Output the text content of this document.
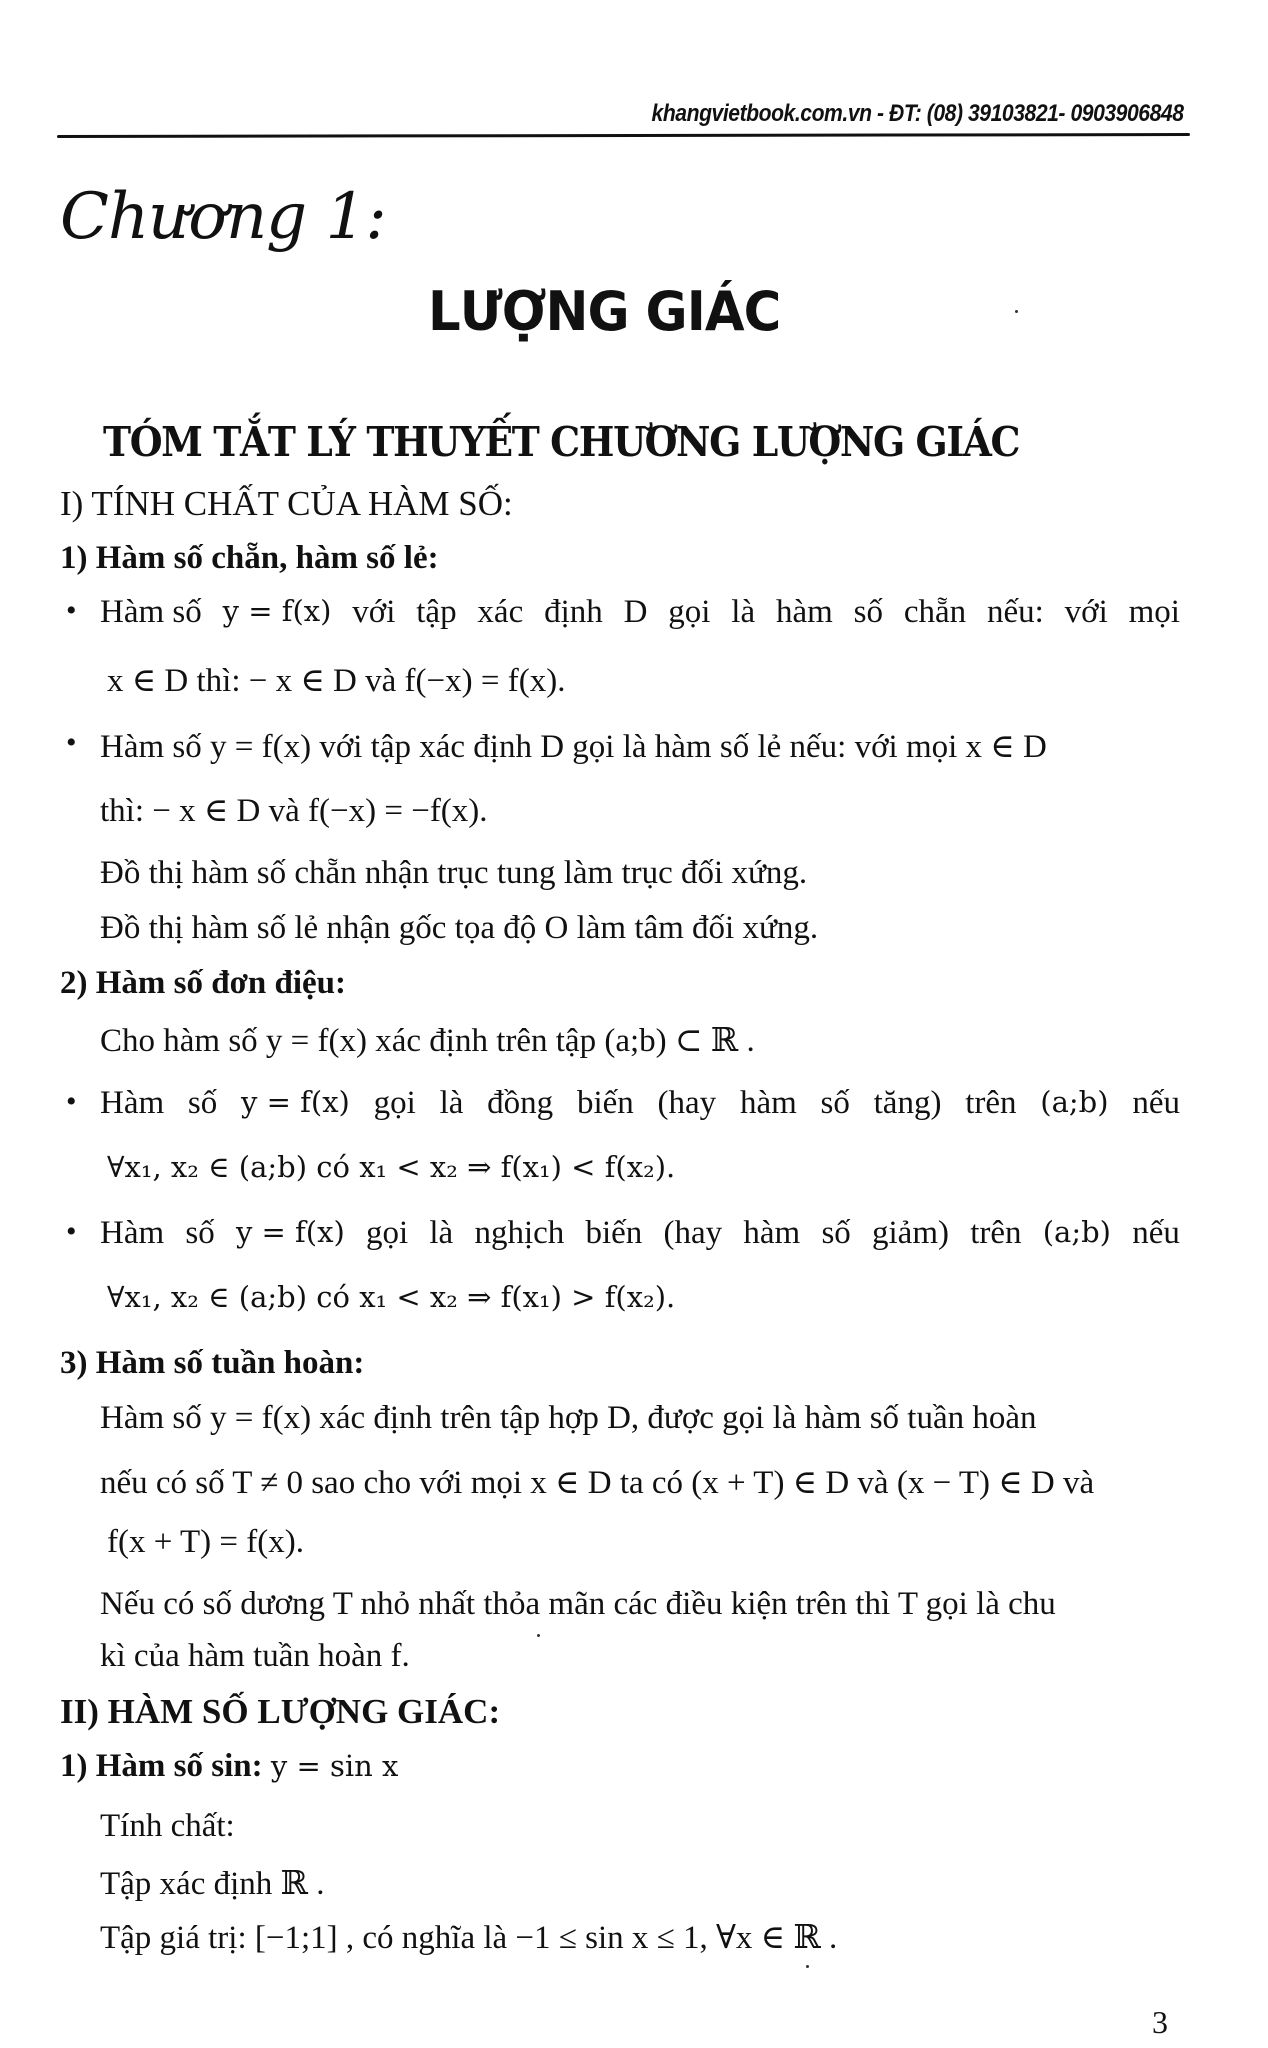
khangvietbook.com.vn - ĐT: (08) 39103821- 0903906848
Chương 1:
LƯỢNG GIÁC
TÓM TẮT LÝ THUYẾT CHƯƠNG LƯỢNG GIÁC
I) TÍNH CHẤT CỦA HÀM SỐ:
1) Hàm số chẵn, hàm số lẻ:
• Hàm số y = f(x) với tập xác định D gọi là hàm số chẵn nếu: với mọi
x ∈ D thì: − x ∈ D và f(−x) = f(x).
• Hàm số y = f(x) với tập xác định D gọi là hàm số lẻ nếu: với mọi x ∈ D
thì: − x ∈ D và f(−x) = −f(x).
Đồ thị hàm số chẵn nhận trục tung làm trục đối xứng.
Đồ thị hàm số lẻ nhận gốc tọa độ O làm tâm đối xứng.
2) Hàm số đơn điệu:
Cho hàm số y = f(x) xác định trên tập (a;b) ⊂ ℝ .
• Hàm số y = f(x) gọi là đồng biến (hay hàm số tăng) trên (a;b) nếu
∀x₁, x₂ ∈ (a;b) có x₁ < x₂ ⇒ f(x₁) < f(x₂).
• Hàm số y = f(x) gọi là nghịch biến (hay hàm số giảm) trên (a;b) nếu
∀x₁, x₂ ∈ (a;b) có x₁ < x₂ ⇒ f(x₁) > f(x₂).
3) Hàm số tuần hoàn:
Hàm số y = f(x) xác định trên tập hợp D, được gọi là hàm số tuần hoàn
nếu có số T ≠ 0 sao cho với mọi x ∈ D ta có (x + T) ∈ D và (x − T) ∈ D và
f(x + T) = f(x).
Nếu có số dương T nhỏ nhất thỏa mãn các điều kiện trên thì T gọi là chu
kì của hàm tuần hoàn f.
II) HÀM SỐ LƯỢNG GIÁC:
1) Hàm số sin: y = sin x
Tính chất:
Tập xác định ℝ .
Tập giá trị: [−1;1] , có nghĩa là −1 ≤ sin x ≤ 1, ∀x ∈ ℝ .
3
